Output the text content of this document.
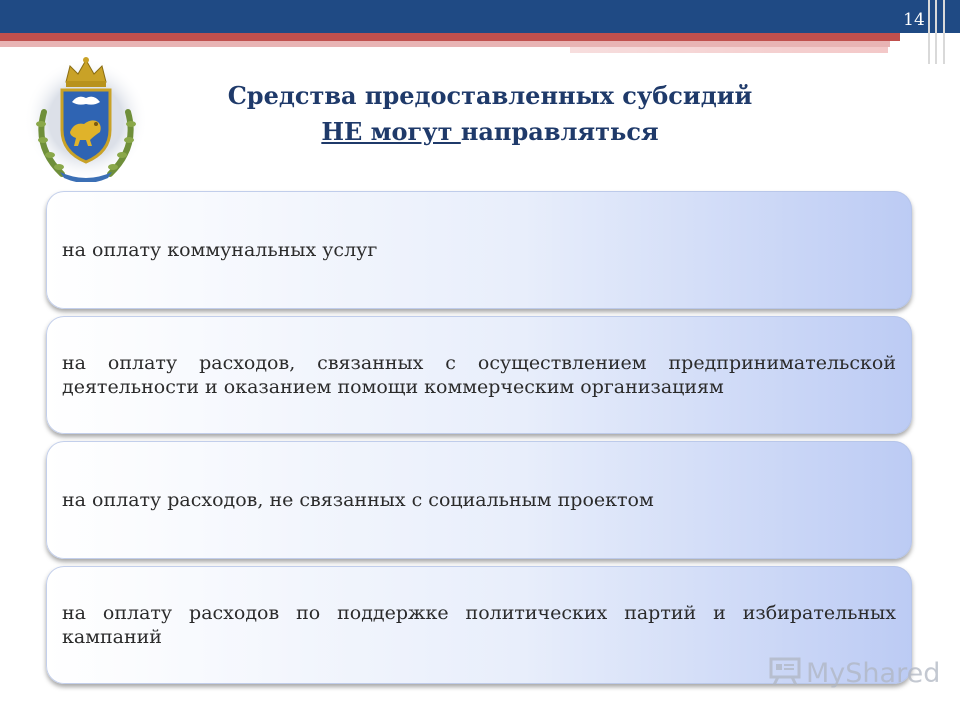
14
Средства предоставленных субсидий
НЕ могут направляться
на оплату коммунальных услуг
на оплату расходов, связанных с осуществлением предпринимательской деятельности и оказанием помощи коммерческим организациям
на оплату расходов, не связанных с социальным проектом
на оплату расходов по поддержке политических партий и избирательных кампаний
MyShared
